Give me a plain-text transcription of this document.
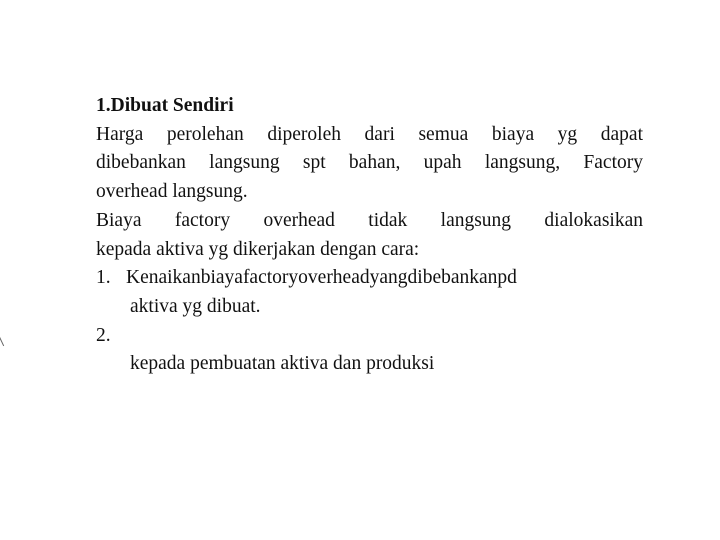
1.Dibuat Sendiri
Harga perolehan diperoleh dari semua biaya yg dapat
dibebankan langsung spt bahan, upah langsung, Factory
overhead langsung.
Biaya factory overhead tidak langsung dialokasikan
kepada aktiva yg dikerjakan dengan cara:
1. Kenaikanbiayafactoryoverheadyangdibebankanpd
aktiva yg dibuat.
2.
kepada pembuatan aktiva dan produksi
